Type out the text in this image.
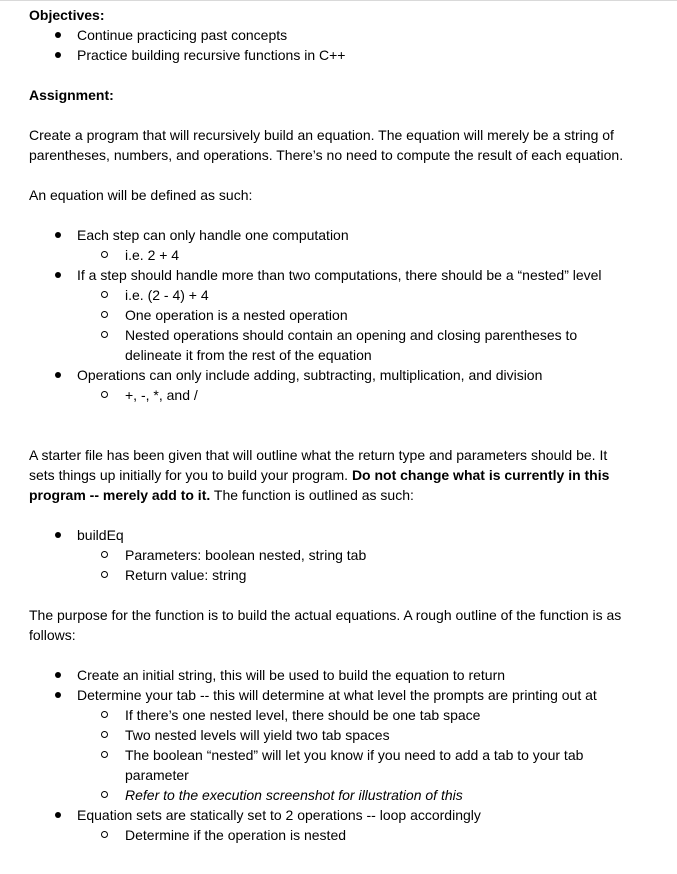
Objectives:

Continue practicing past concepts
Practice building recursive functions in C++

Assignment:

Create a program that will recursively build an equation. The equation will merely be a string of

parentheses, numbers, and operations. There’s no need to compute the result of each equation.

An equation will be defined as such:

Each step can only handle one computation
i.e. 2 + 4
If a step should handle more than two computations, there should be a “nested” level
i.e. (2 - 4) + 4
One operation is a nested operation
Nested operations should contain an opening and closing parentheses to
delineate it from the rest of the equation
Operations can only include adding, subtracting, multiplication, and division
+, -, *, and /

A starter file has been given that will outline what the return type and parameters should be. It

sets things up initially for you to build your program. Do not change what is currently in this

program -- merely add to it. The function is outlined as such:

buildEq
Parameters: boolean nested, string tab
Return value: string

The purpose for the function is to build the actual equations. A rough outline of the function is as

follows:

Create an initial string, this will be used to build the equation to return
Determine your tab -- this will determine at what level the prompts are printing out at
If there’s one nested level, there should be one tab space
Two nested levels will yield two tab spaces
The boolean “nested” will let you know if you need to add a tab to your tab
parameter
Refer to the execution screenshot for illustration of this
Equation sets are statically set to 2 operations -- loop accordingly
Determine if the operation is nested
